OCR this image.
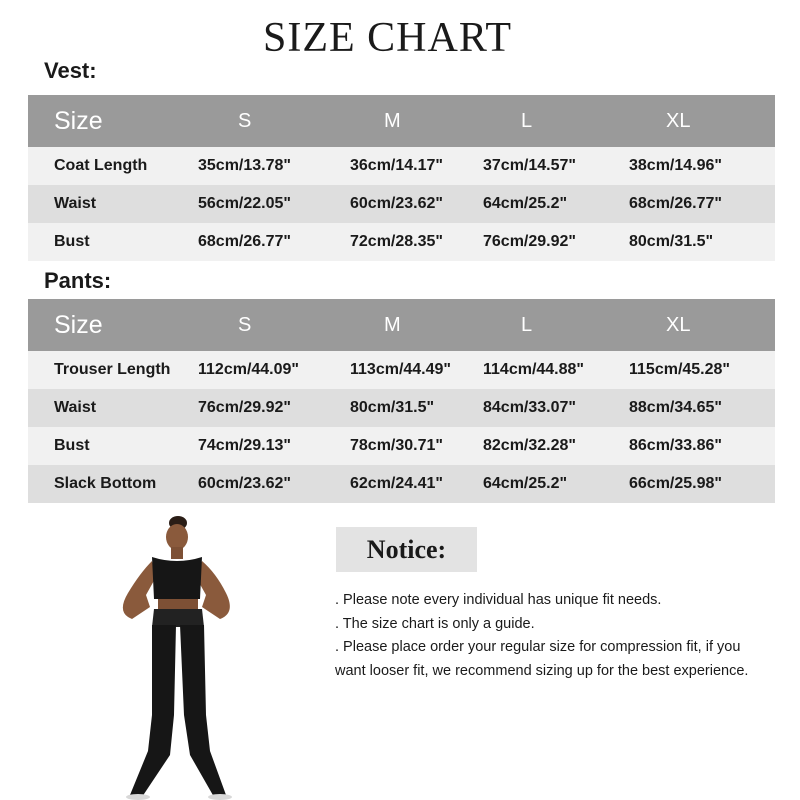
SIZE CHART
Vest:
Size	S	M	L	XL
Coat Length	35cm/13.78"	36cm/14.17"	37cm/14.57"	38cm/14.96"
Waist	56cm/22.05"	60cm/23.62"	64cm/25.2"	68cm/26.77"
Bust	68cm/26.77"	72cm/28.35"	76cm/29.92"	80cm/31.5"
Pants:
Size	S	M	L	XL
Trouser Length 112cm/44.09"	113cm/44.49" 114cm/44.88"	115cm/45.28"
Waist	76cm/29.92"	80cm/31.5"	84cm/33.07"	88cm/34.65"
Bust	74cm/29.13"	78cm/30.71"	82cm/32.28"	86cm/33.86"
Slack Bottom	60cm/23.62"	62cm/24.41"	64cm/25.2"	66cm/25.98"
Notice:

. Please note every individual has unique fit needs.

. The size chart is only a guide.

. Please place order your regular size for compression fit, if you want looser fit, we recommend sizing up for the best experience.
